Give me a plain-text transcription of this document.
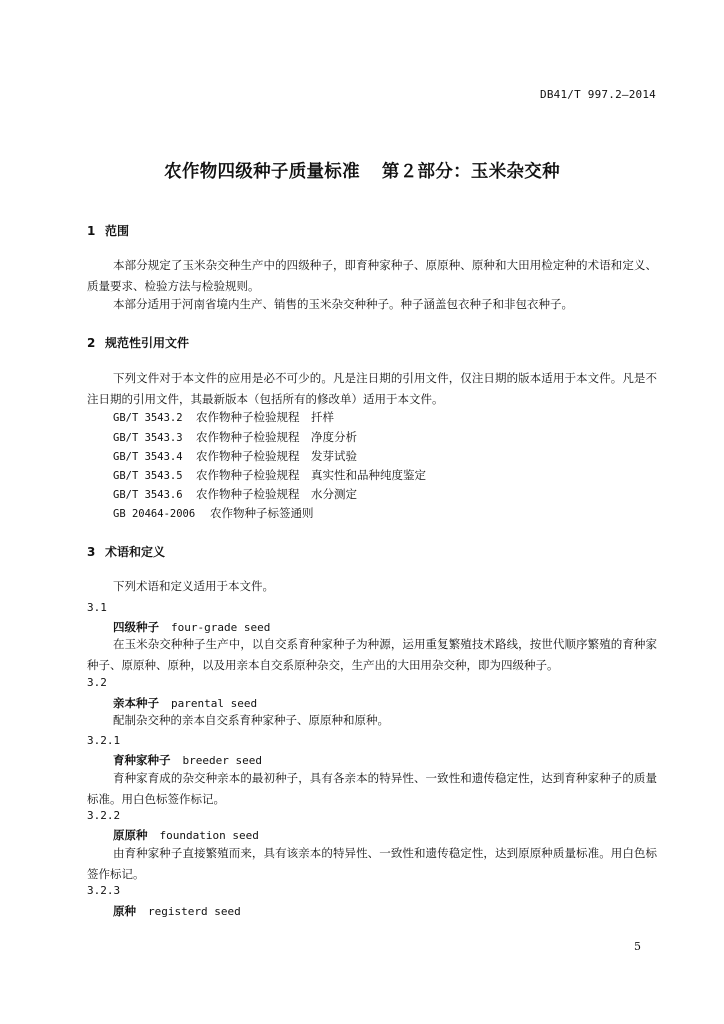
DB41/T 997.2—2014
农作物四级种子质量标准 第２部分：玉米杂交种
1 范围
本部分规定了玉米杂交种生产中的四级种子，即育种家种子、原原种、原种和大田用检定种的术语和定义、质量要求、检验方法与检验规则。
本部分适用于河南省境内生产、销售的玉米杂交种种子。种子涵盖包衣种子和非包衣种子。
2 规范性引用文件
下列文件对于本文件的应用是必不可少的。凡是注日期的引用文件，仅注日期的版本适用于本文件。凡是不注日期的引用文件，其最新版本（包括所有的修改单）适用于本文件。
GB/T 3543.2 农作物种子检验规程　扦样
GB/T 3543.3 农作物种子检验规程　净度分析
GB/T 3543.4 农作物种子检验规程　发芽试验
GB/T 3543.5 农作物种子检验规程　真实性和品种纯度鉴定
GB/T 3543.6 农作物种子检验规程　水分测定
GB 20464-2006 农作物种子标签通则
3 术语和定义
下列术语和定义适用于本文件。
3.1
四级种子 four-grade seed
在玉米杂交种种子生产中，以自交系育种家种子为种源，运用重复繁殖技术路线，按世代顺序繁殖的育种家种子、原原种、原种，以及用亲本自交系原种杂交，生产出的大田用杂交种，即为四级种子。
3.2
亲本种子 parental seed
配制杂交种的亲本自交系育种家种子、原原种和原种。
3.2.1
育种家种子 breeder seed
育种家育成的杂交种亲本的最初种子，具有各亲本的特异性、一致性和遗传稳定性，达到育种家种子的质量标准。用白色标签作标记。
3.2.2
原原种 foundation seed
由育种家种子直接繁殖而来，具有该亲本的特异性、一致性和遗传稳定性，达到原原种质量标准。用白色标签作标记。
3.2.3
原种 registerd seed
5
